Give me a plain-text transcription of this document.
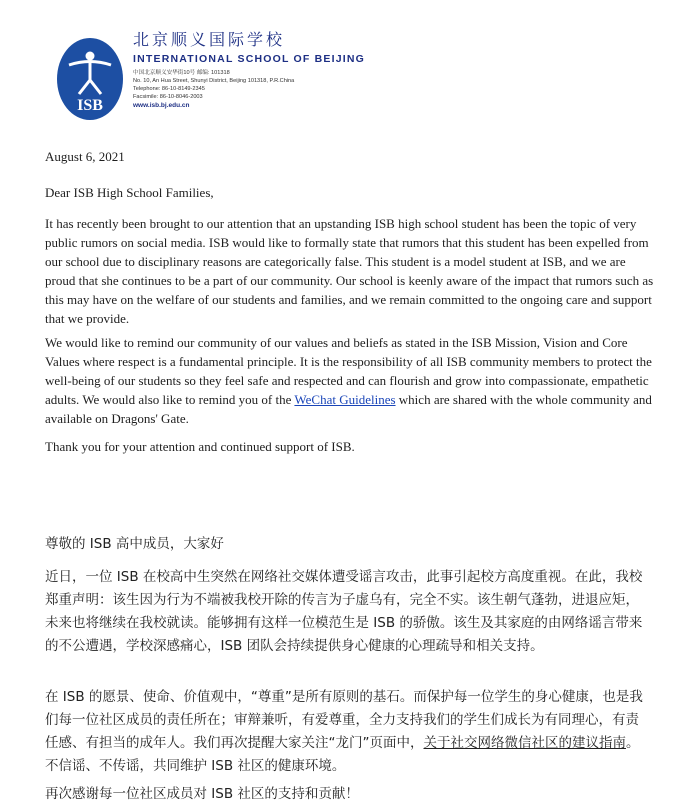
ISB
北京顺义国际学校
INTERNATIONAL SCHOOL OF BEIJING
中国北京顺义安华街10号 邮编: 101318
No. 10, An Hua Street, Shunyi District, Beijing 101318, P.R.China
Telephone: 86-10-8149-2345
Facsimile: 86-10-8046-2003
www.isb.bj.edu.cn
August 6, 2021
Dear ISB High School Families,

It has recently been brought to our attention that an upstanding ISB high school student has been the topic of very public rumors on social media. ISB would like to formally state that rumors that this student has been expelled from our school due to disciplinary reasons are categorically false. This student is a model student at ISB, and we are proud that she continues to be a part of our community. Our school is keenly aware of the impact that rumors such as this may have on the welfare of our students and families, and we remain committed to the ongoing care and support that we provide.

We would like to remind our community of our values and beliefs as stated in the ISB Mission, Vision and Core Values where respect is a fundamental principle. It is the responsibility of all ISB community members to protect the well-being of our students so they feel safe and respected and can flourish and grow into compassionate, empathetic adults. We would also like to remind you of the WeChat Guidelines which are shared with the whole community and available on Dragons' Gate.

Thank you for your attention and continued support of ISB.
尊敬的 ISB 高中成员，大家好

近日，一位 ISB 在校高中生突然在网络社交媒体遭受谣言攻击，此事引起校方高度重视。在此，我校郑重声明：该生因为行为不端被我校开除的传言为子虚乌有，完全不实。该生朝气蓬勃，进退应矩，未来也将继续在我校就读。能够拥有这样一位模范生是 ISB 的骄傲。该生及其家庭的由网络谣言带来的不公遭遇，学校深感痛心，ISB 团队会持续提供身心健康的心理疏导和相关支持。

在 ISB 的愿景、使命、价值观中，“尊重”是所有原则的基石。而保护每一位学生的身心健康，也是我们每一位社区成员的责任所在；审辩兼听，有爱尊重，全力支持我们的学生们成长为有同理心，有责任感、有担当的成年人。我们再次提醒大家关注“龙门”页面中，关于社交网络微信社区的建议指南。不信谣、不传谣，共同维护 ISB 社区的健康环境。

再次感谢每一位社区成员对 ISB 社区的支持和贡献！
